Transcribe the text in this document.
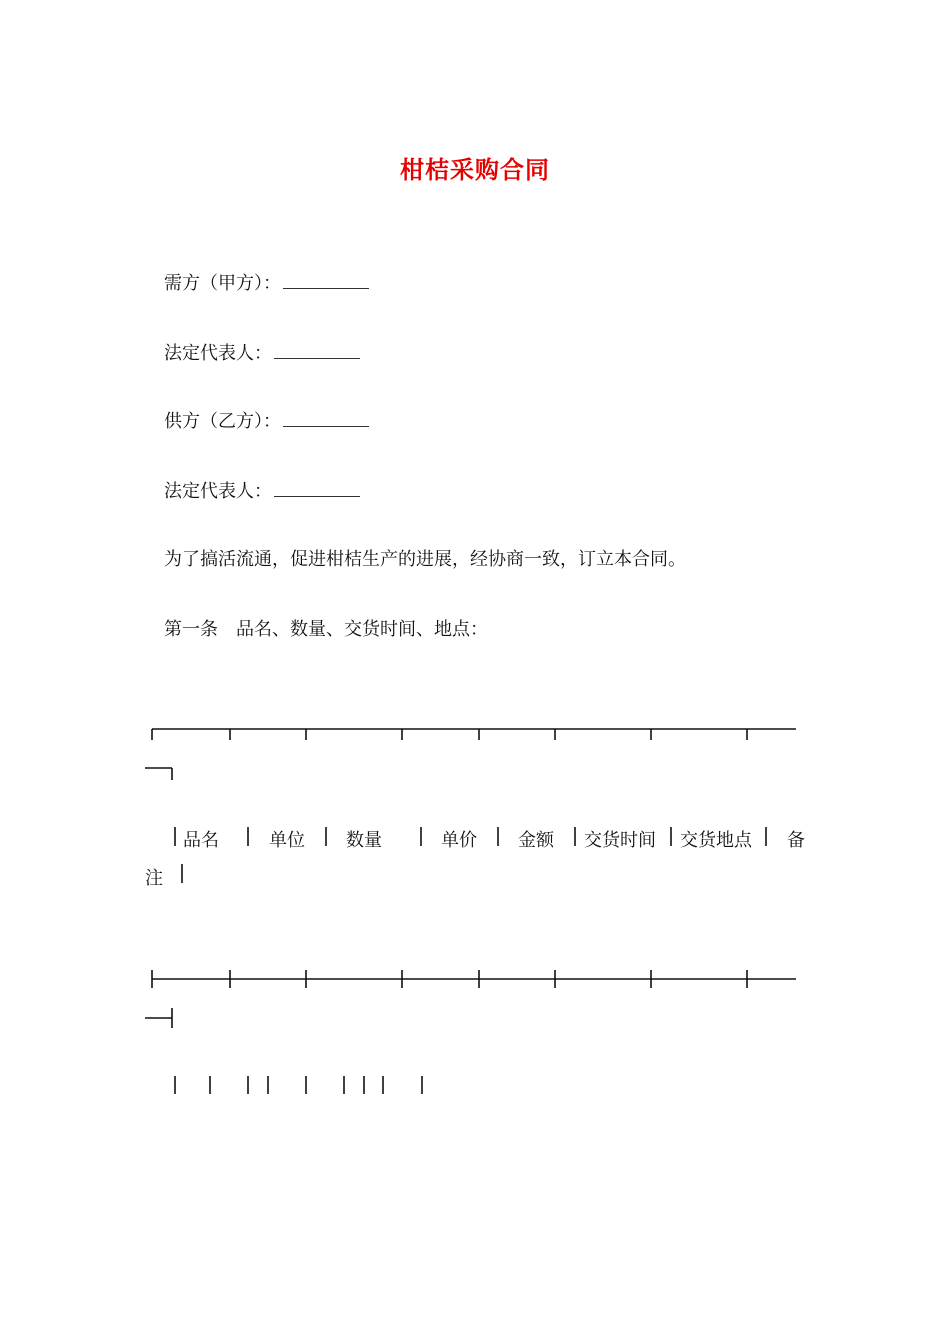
柑桔采购合同
需方（甲方）：
法定代表人：
供方（乙方）：
法定代表人：
为了搞活流通，促进柑桔生产的进展，经协商一致，订立本合同。
第一条　品名、数量、交货时间、地点：
品名	单位 数量	单价 金额 交货时间 交货地点 备
注
